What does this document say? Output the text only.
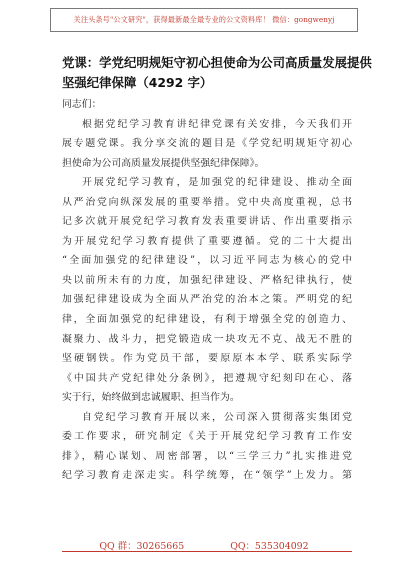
关注头条号"公文研究"，获得最新最全最专业的公文资料库！ 微信：gongwenyj
党课：学党纪明规矩守初心担使命为公司高质量发展提供
坚强纪律保障（4292 字）
同志们：
根据党纪学习教育讲纪律党课有关安排，今天我们开
展专题党课。我分享交流的题目是《学党纪明规矩守初心
担使命为公司高质量发展提供坚强纪律保障》。
开展党纪学习教育，是加强党的纪律建设、推动全面
从严治党向纵深发展的重要举措。党中央高度重视，总书
记多次就开展党纪学习教育发表重要讲话、作出重要指示
为开展党纪学习教育提供了重要遵循。党的二十大提出
“全面加强党的纪律建设”，以习近平同志为核心的党中
央以前所未有的力度，加强纪律建设、严格纪律执行，使
加强纪律建设成为全面从严治党的治本之策。严明党的纪
律，全面加强党的纪律建设，有利于增强全党的创造力、
凝聚力、战斗力，把党锻造成一块攻无不克、战无不胜的
坚硬钢铁。作为党员干部，要原原本本学、联系实际学
《中国共产党纪律处分条例》，把遵规守纪刻印在心、落
实于行，始终做到忠诚履职、担当作为。
自党纪学习教育开展以来，公司深入贯彻落实集团党
委工作要求，研究制定《关于开展党纪学习教育工作安
排》，精心谋划、周密部署，以“三学三力”扎实推进党
纪学习教育走深走实。科学统筹，在“领学”上发力。第
QQ 群：30265665	QQ：535304092
